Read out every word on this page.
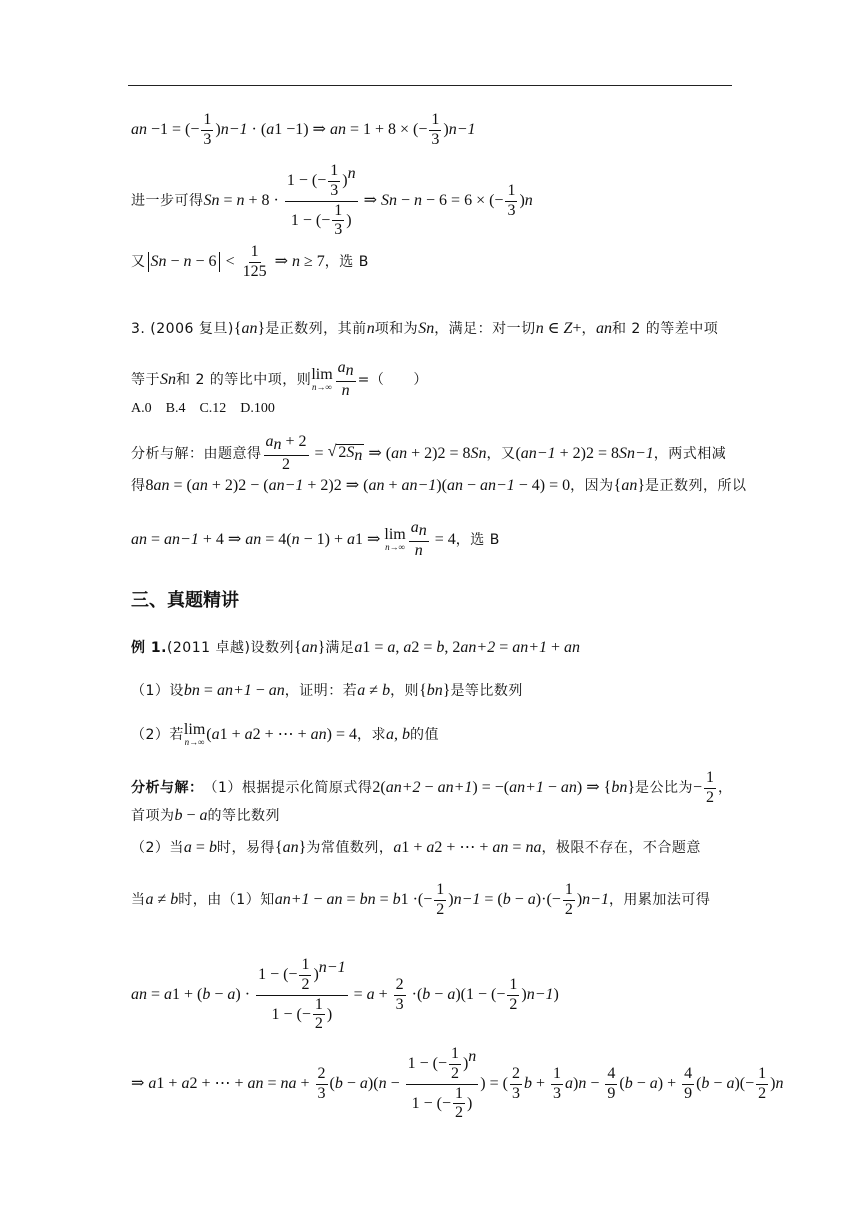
a n −1 = (− $\frac{1}{3}$ ) n−1 · ( a 1 −1) ⇒ a n = 1 + 8 × (− $\frac{1}{3}$ ) n−1
进一步可得 S $n = n + 8 \cdot \frac{1 - (- \frac{1}{3} )^n}{1 - (- \frac{1}{3} )}$ ⇒ S n − n − 6 = 6 × (− $\frac{1}{3}$ ) n
又 S $n - n - 6 < \frac{1}{125}$ ⇒ n ≥ 7 ，选 B
3. (2006 复旦) { a n } 是正数列，其前 n 项和为 S n ，满足：对一切 n ∈ Z + ， a n 和 2 的等差中项
等于 S n 和 2 的等比中项，则 lim
$n\to\infty \frac{a_n}{n}$ =（　　）
A.0　B.4　C.12　D.100
分析与解：由题意得 $\frac{a_n + 2}{2}$ = √ $2S_n$ ⇒ ( a n + 2) 2 = 8 S n ，又 ( a n−1 + 2) 2 = 8 S n−1 ，两式相减
得 8 a n = ( a n + 2) 2 − ( a n−1 + 2) 2 ⇒ ( a n + a n−1 )( a n − a n−1 − 4) = 0 ，因为 { a n } 是正数列，所以
a n = a n−1 + 4 ⇒ a n = 4( n − 1) + a 1 ⇒ lim
$n\to\infty \frac{a_n}{n} = 4$ ，选 B
三、真题精讲
例 1. (2011 卓越)设数列 { a n } 满足 a 1 = a , a 2 = b , 2 a n+2 = a n+1 + a n
（1）设 b n = a n+1 − a n ，证明：若 a ≠ b ，则 { b n } 是等比数列
（2）若 lim
n→∞ ( a 1 + a 2 + ⋯ + a n ) = 4 ，求 a , b 的值
分析与解： （1）根据提示化简原式得 2( a n+2 − a n+1 ) = −( a n+1 − a n ) ⇒ { b n } 是公比为 − $\frac{1}{2}$ ，
首项为 b − a 的等比数列
（2）当 a = b 时，易得 { a n } 为常值数列， a 1 + a 2 + ⋯ + a n = na ，极限不存在，不合题意
当 a ≠ b 时，由（1）知 a n+1 − a n = b n = b 1 ·(− $\frac{1}{2}$ ) n−1 = ( b − a )·(− $\frac{1}{2}$ ) n−1 ，用累加法可得
a n = a 1 + ( b − a ) · $\frac{1 - (- \frac{1}{2} )^{n-1}}{1 - (- \frac{1}{2} )} = a + \frac{2}{3}$ ·( b − a )(1 − (− $\frac{1}{2}$ ) n−1 )
⇒ a 1 + a 2 + ⋯ + a n = na + $\frac{2}{3}$ ( b − a )( $n - \frac{1 - (- \frac{1}{2} )^n}{1 - (- \frac{1}{2} )}$ ) = ( $\frac{2}{3}$ $b + \frac{1}{3}$ a ) $n - \frac{4}{9}$ ( b − a ) + $\frac{4}{9}$ ( b − a )(− $\frac{1}{2}$ ) n
